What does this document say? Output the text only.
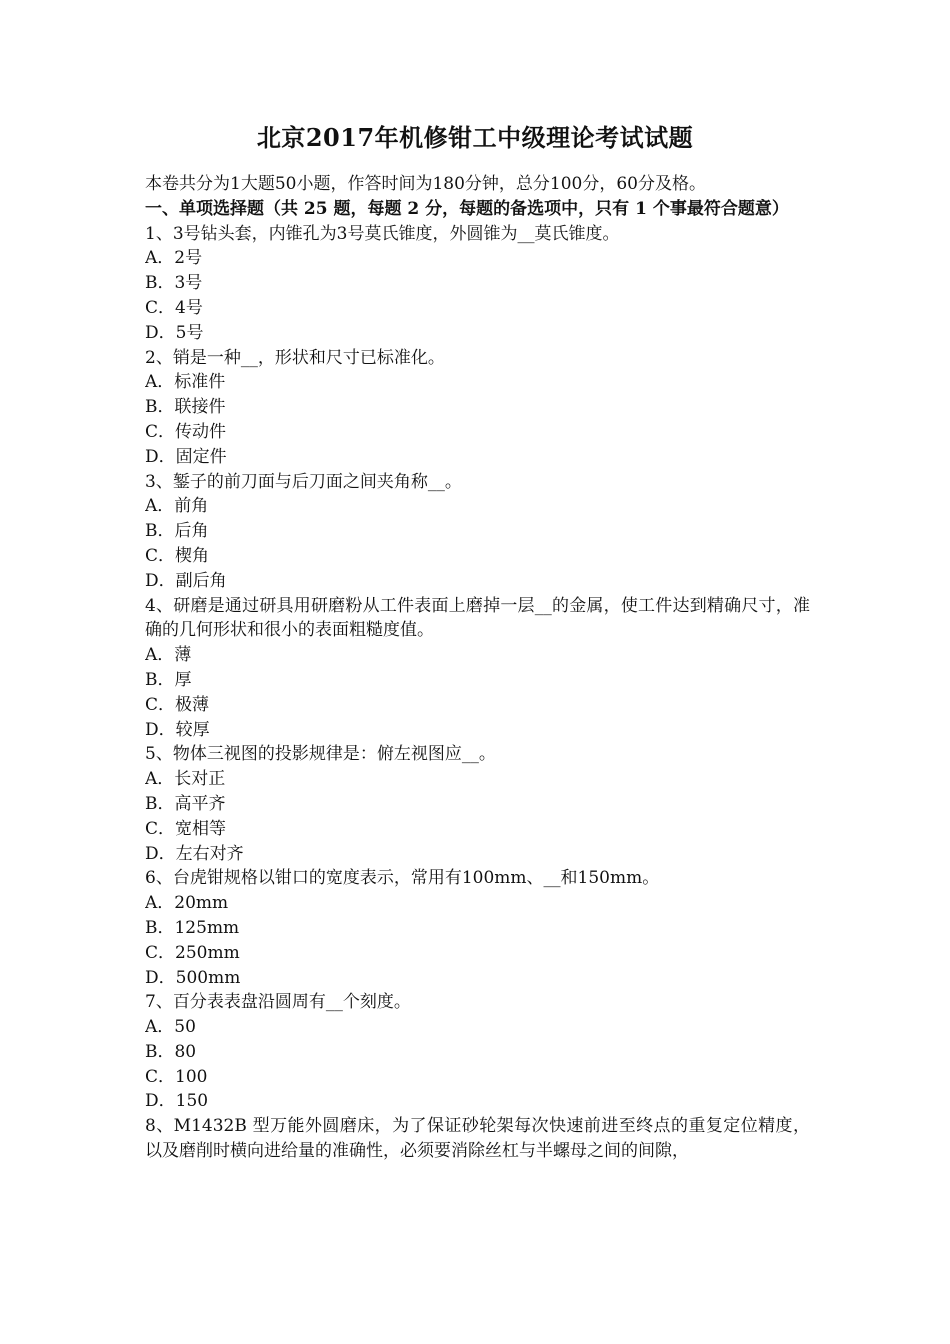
北京2017年机修钳工中级理论考试试题
本卷共分为1大题50小题，作答时间为180分钟，总分100分，60分及格。
一、单项选择题（共 25 题，每题 2 分，每题的备选项中，只有 1 个事最符合题意）
1、3号钻头套，内锥孔为3号莫氏锥度，外圆锥为__莫氏锥度。
A．2号
B．3号
C．4号
D．5号
2、销是一种__，形状和尺寸已标准化。
A．标准件
B．联接件
C．传动件
D．固定件
3、錾子的前刀面与后刀面之间夹角称__。
A．前角
B．后角
C．楔角
D．副后角
4、研磨是通过研具用研磨粉从工件表面上磨掉一层__的金属，使工件达到精确尺寸，准确的几何形状和很小的表面粗糙度值。
A．薄
B．厚
C．极薄
D．较厚
5、物体三视图的投影规律是：俯左视图应__。
A．长对正
B．高平齐
C．宽相等
D．左右对齐
6、台虎钳规格以钳口的宽度表示，常用有100mm、__和150mm。
A．20mm
B．125mm
C．250mm
D．500mm
7、百分表表盘沿圆周有__个刻度。
A．50
B．80
C．100
D．150
8、M1432B 型万能外圆磨床，为了保证砂轮架每次快速前进至终点的重复定位精度，以及磨削时横向进给量的准确性，必须要消除丝杠与半螺母之间的间隙，
